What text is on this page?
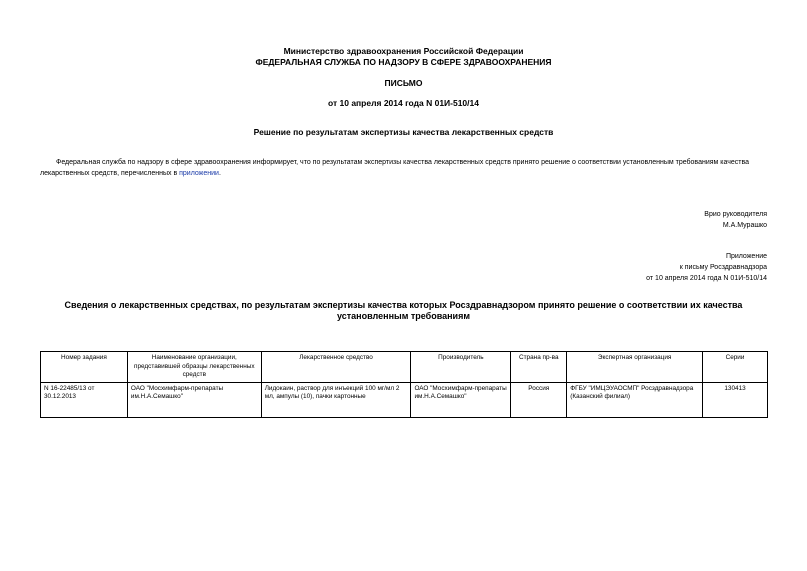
Министерство здравоохранения Российской Федерации
ФЕДЕРАЛЬНАЯ СЛУЖБА ПО НАДЗОРУ В СФЕРЕ ЗДРАВООХРАНЕНИЯ
ПИСЬМО
от 10 апреля 2014 года N 01И-510/14
Решение по результатам экспертизы качества лекарственных средств
Федеральная служба по надзору в сфере здравоохранения информирует, что по результатам экспертизы качества лекарственных средств принято решение о соответствии установленным требованиям качества лекарственных средств, перечисленных в приложении.
Врио руководителя
М.А.Мурашко
Приложение
к письму Росздравнадзора
от 10 апреля 2014 года N 01И-510/14
Сведения о лекарственных средствах, по результатам экспертизы качества которых Росздравнадзором принято решение о соответствии их качества установленным требованиям
Номер задания	Наименование организации, представившей образцы лекарственных средств	Лекарственное средство	Производитель	Страна пр-ва	Экспертная организация	Серии
N 16-22485/13 от 30.12.2013	ОАО "Мосхимфарм-препараты им.Н.А.Семашко"	Лидокаин, раствор для инъекций 100 мг/мл 2 мл, ампулы (10), пачки картонные	ОАО "Мосхимфарм-препараты им.Н.А.Семашко"	Россия	ФГБУ "ИМЦЭУАОСМП" Росздравнадзора (Казанский филиал)	130413
